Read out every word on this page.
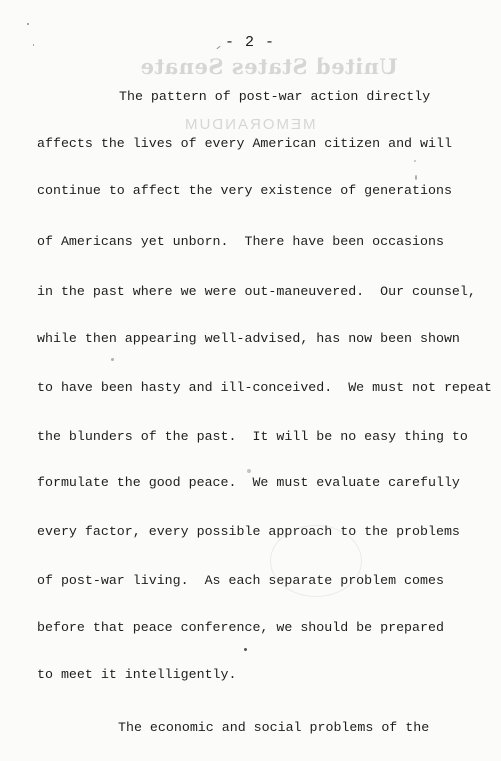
United States Senate
MEMORANDUM
- 2 -
The pattern of post-war action directly
affects the lives of every American citizen and will
continue to affect the very existence of generations
of Americans yet unborn.  There have been occasions
in the past where we were out-maneuvered.  Our counsel,
while then appearing well-advised, has now been shown
to have been hasty and ill-conceived.  We must not repeat
the blunders of the past.  It will be no easy thing to
formulate the good peace.  We must evaluate carefully
every factor, every possible approach to the problems
of post-war living.  As each separate problem comes
before that peace conference, we should be prepared
to meet it intelligently.
The economic and social problems of the
